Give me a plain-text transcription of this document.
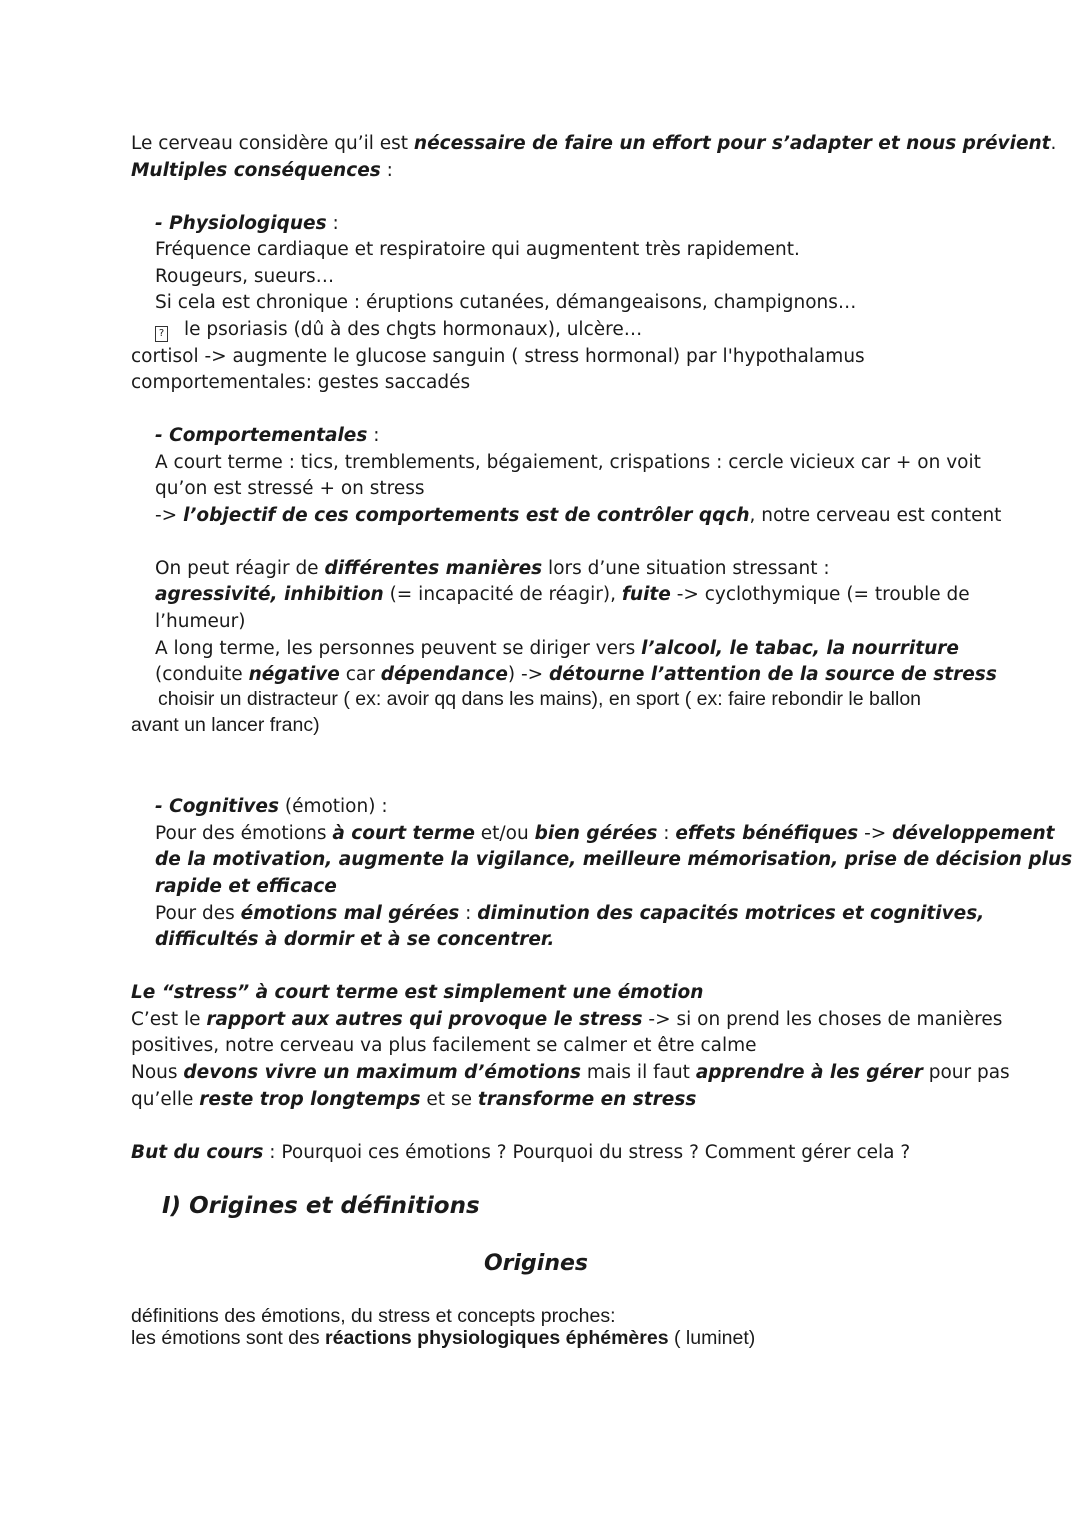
Le cerveau considère qu’il est nécessaire de faire un effort pour s’adapter et nous prévient.
Multiples conséquences :
- Physiologiques :
Fréquence cardiaque et respiratoire qui augmentent très rapidement.
Rougeurs, sueurs…
Si cela est chronique : éruptions cutanées, démangeaisons, champignons…
? le psoriasis (dû à des chgts hormonaux), ulcère…
cortisol -> augmente le glucose sanguin ( stress hormonal) par l'hypothalamus
comportementales: gestes saccadés
- Comportementales :
A court terme : tics, tremblements, bégaiement, crispations : cercle vicieux car + on voit
qu’on est stressé + on stress
-> l’objectif de ces comportements est de contrôler qqch, notre cerveau est content
On peut réagir de différentes manières lors d’une situation stressant :
agressivité, inhibition (= incapacité de réagir), fuite -> cyclothymique (= trouble de
l’humeur)
A long terme, les personnes peuvent se diriger vers l’alcool, le tabac, la nourriture
(conduite négative car dépendance) -> détourne l’attention de la source de stress
choisir un distracteur ( ex: avoir qq dans les mains), en sport ( ex: faire rebondir le ballon
avant un lancer franc)
- Cognitives (émotion) :
Pour des émotions à court terme et/ou bien gérées : effets bénéfiques -> développement
de la motivation, augmente la vigilance, meilleure mémorisation, prise de décision plus
rapide et efficace
Pour des émotions mal gérées : diminution des capacités motrices et cognitives,
difficultés à dormir et à se concentrer.
Le “stress” à court terme est simplement une émotion
C’est le rapport aux autres qui provoque le stress -> si on prend les choses de manières
positives, notre cerveau va plus facilement se calmer et être calme
Nous devons vivre un maximum d’émotions mais il faut apprendre à les gérer pour pas
qu’elle reste trop longtemps et se transforme en stress
But du cours : Pourquoi ces émotions ? Pourquoi du stress ? Comment gérer cela ?
I) Origines et définitions
Origines
définitions des émotions, du stress et concepts proches:
les émotions sont des réactions physiologiques éphémères ( luminet)
